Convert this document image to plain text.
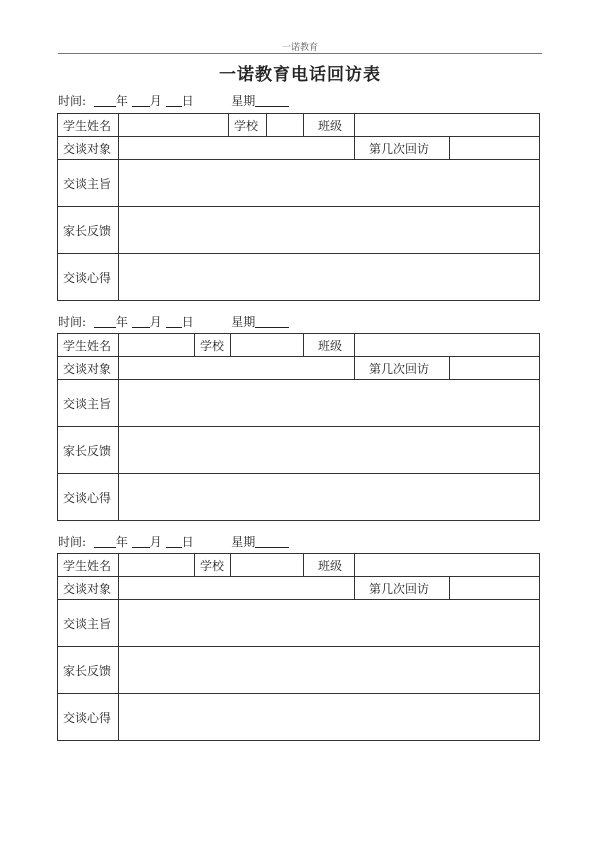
一诺教育
一诺教育电话回访表
时间: 年 月 日	星期
学生姓名		学校		班级		
交谈对象					第几次回访	
交谈主旨						
家长反馈						
交谈心得						
时间: 年 月 日	星期
学生姓名		学校		班级		
交谈对象					第几次回访	
交谈主旨						
家长反馈						
交谈心得						
时间: 年 月 日	星期
学生姓名		学校		班级		
交谈对象					第几次回访	
交谈主旨						
家长反馈						
交谈心得						
